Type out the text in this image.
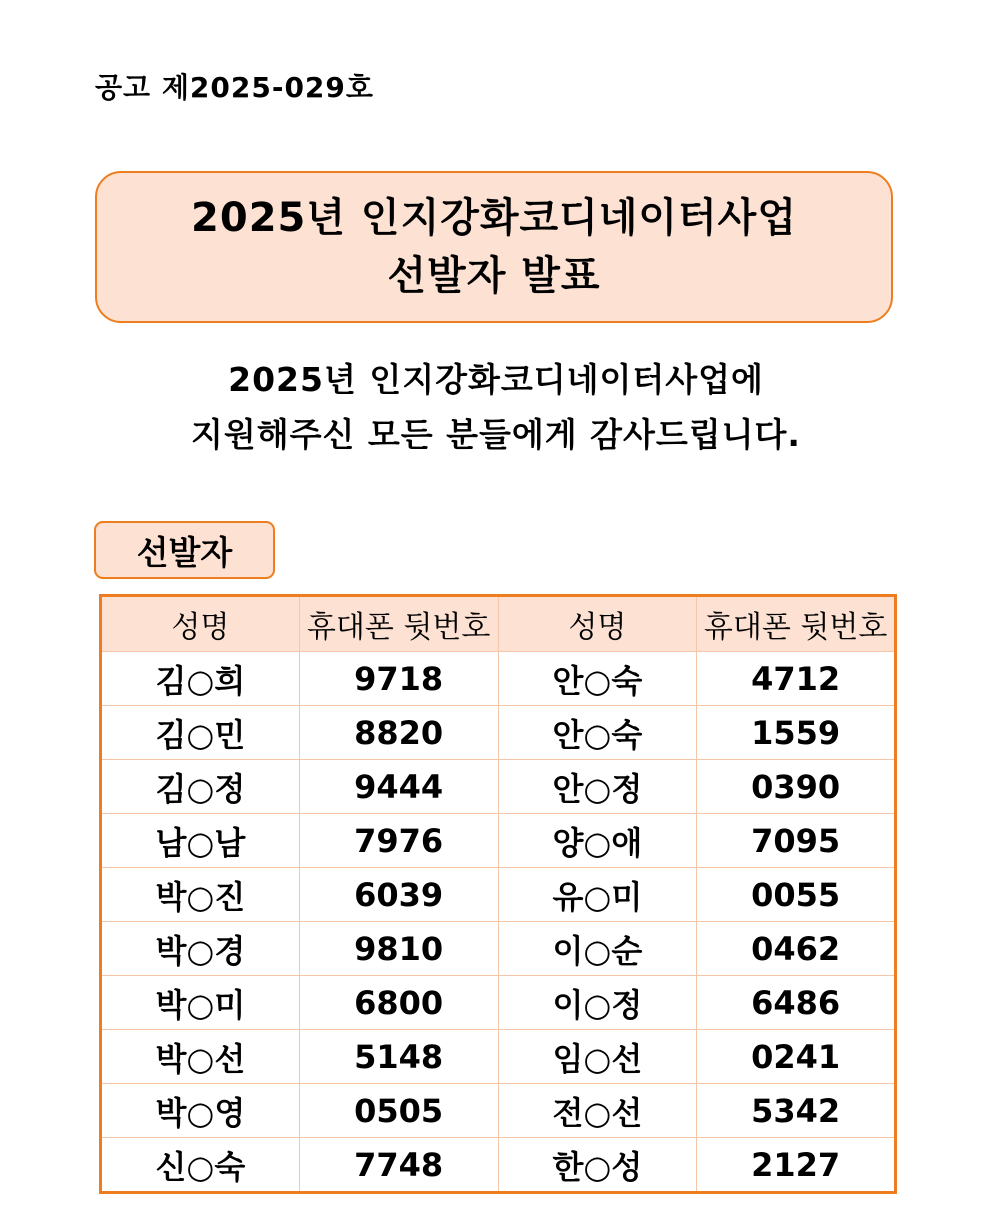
공고 제2025-029호
2025년 인지강화코디네이터사업
선발자 발표
2025년 인지강화코디네이터사업에
지원해주신 모든 분들에게 감사드립니다.
선발자
성명	휴대폰 뒷번호	성명	휴대폰 뒷번호
김○희	9718	안○숙	4712
김○민	8820	안○숙	1559
김○정	9444	안○정	0390
남○남	7976	양○애	7095
박○진	6039	유○미	0055
박○경	9810	이○순	0462
박○미	6800	이○정	6486
박○선	5148	임○선	0241
박○영	0505	전○선	5342
신○숙	7748	한○성	2127
